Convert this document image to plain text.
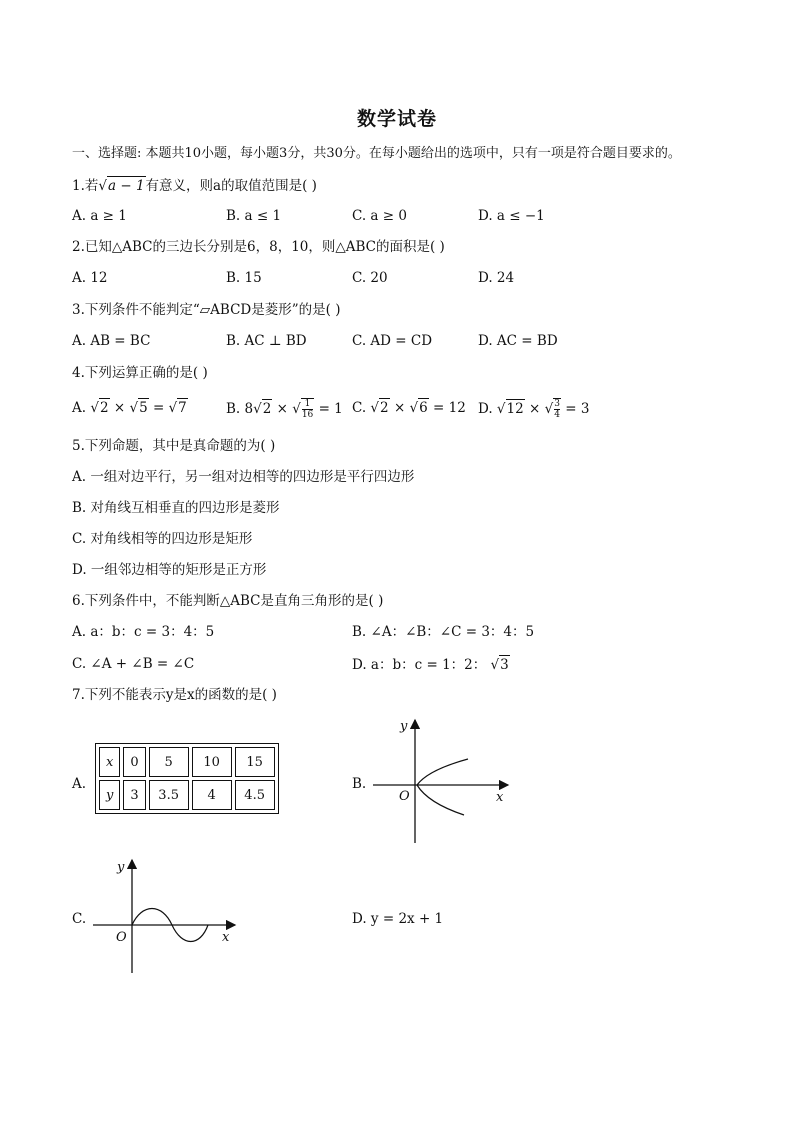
数学试卷
一、选择题: 本题共10小题，每小题3分，共30分。在每小题给出的选项中，只有一项是符合题目要求的。
1.若√a − 1有意义，则a的取值范围是( )
A. a ≥ 1	B. a ≤ 1	C. a ≥ 0	D. a ≤ −1
2.已知△ABC的三边长分别是6，8，10，则△ABC的面积是( )
A. 12	B. 15	C. 20	D. 24
3.下列条件不能判定“▱ABCD是菱形”的是( )
A. AB = BC	B. AC ⊥ BD	C. AD = CD	D. AC = BD
4.下列运算正确的是( )
A. √2 × √5 = √7	B. 8√2 × √ $\frac{1}{16} = 1$ C. √2 × √6 = 12 D. √12 × √ $\frac{3}{4} = 3$
5.下列命题，其中是真命题的为( )
A. 一组对边平行，另一组对边相等的四边形是平行四边形
B. 对角线互相垂直的四边形是菱形
C. 对角线相等的四边形是矩形
D. 一组邻边相等的矩形是正方形
6.下列条件中，不能判断△ABC是直角三角形的是( )
A. a：b：c = 3：4：5	B. ∠A：∠B：∠C = 3：4：5
C. ∠A + ∠B = ∠C	D. a：b：c = 1：2： √3
7.下列不能表示y是x的函数的是( )
A.
x	0	5	10	15
y	3	3.5	4	4.5
B.
y
O	x
C.
y
O	x
D. y = 2x + 1
